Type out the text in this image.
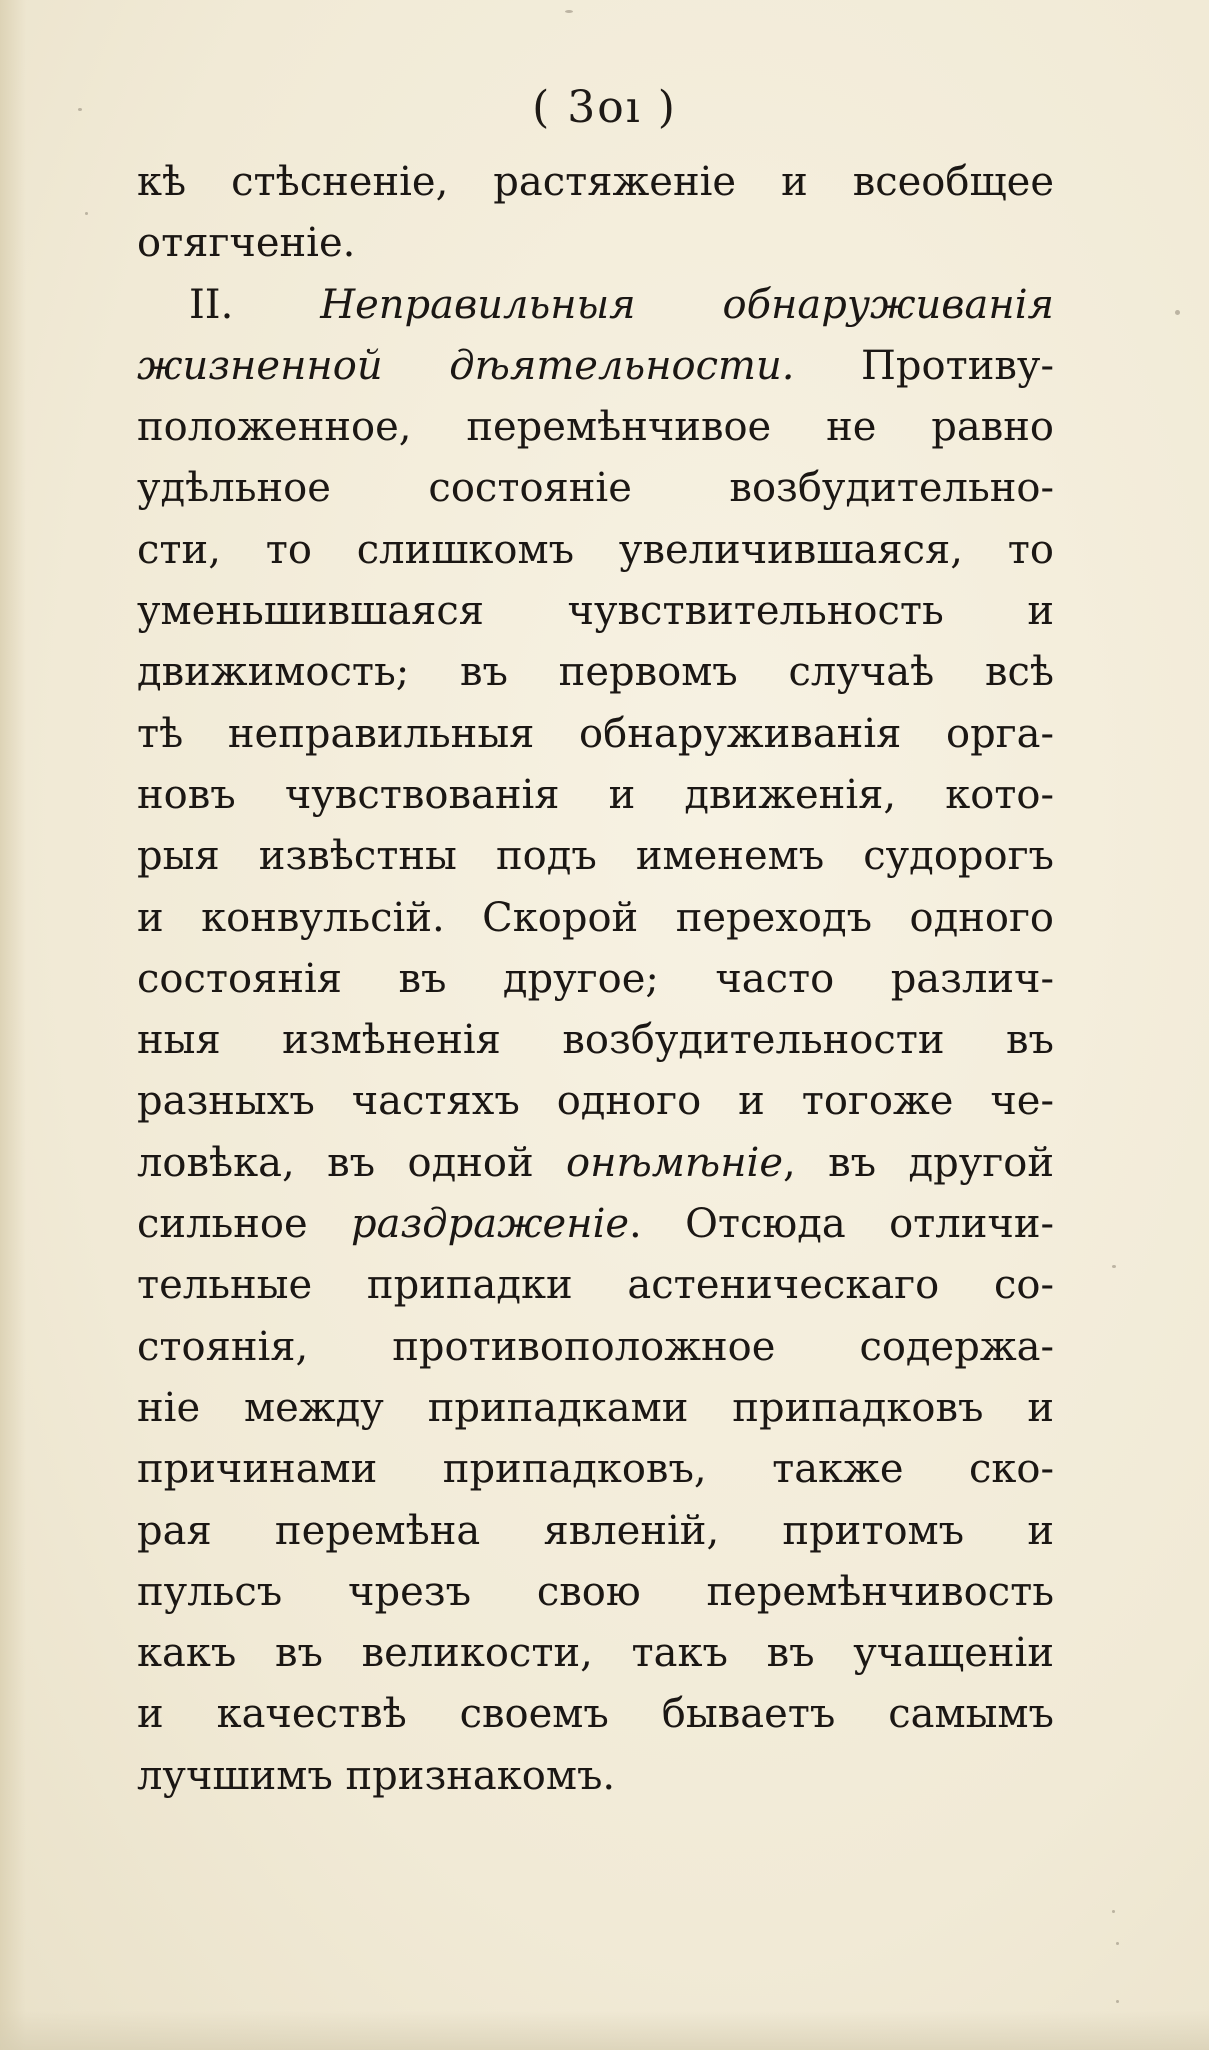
( 3oı )
кѣ стѣсненіе, растяженіе и всеобщее
отягченіе.
II. Неправильныя обнаруживанія
жизненной дѣятельности. Противу-
положенное, перемѣнчивое не равно
удѣльное состояніе возбудительно-
сти, то слишкомъ увеличившаяся, то
уменьшившаяся чувствительность и
движимость; въ первомъ случаѣ всѣ
тѣ неправильныя обнаруживанія орга-
новъ чувствованія и движенія, кото-
рыя извѣстны подъ именемъ судорогъ
и конвульсій. Скорой переходъ одного
состоянія въ другое; часто различ-
ныя измѣненія возбудительности въ
разныхъ частяхъ одного и тогоже че-
ловѣка, въ одной онѣмѣніе, въ другой
сильное раздраженіе. Отсюда отличи-
тельные припадки астеническаго со-
стоянія, противоположное содержа-
ніе между припадками припадковъ и
причинами припадковъ, также ско-
рая перемѣна явленій, притомъ и
пульсъ чрезъ свою перемѣнчивость
какъ въ великости, такъ въ учащеніи
и качествѣ своемъ бываетъ самымъ
лучшимъ признакомъ.
